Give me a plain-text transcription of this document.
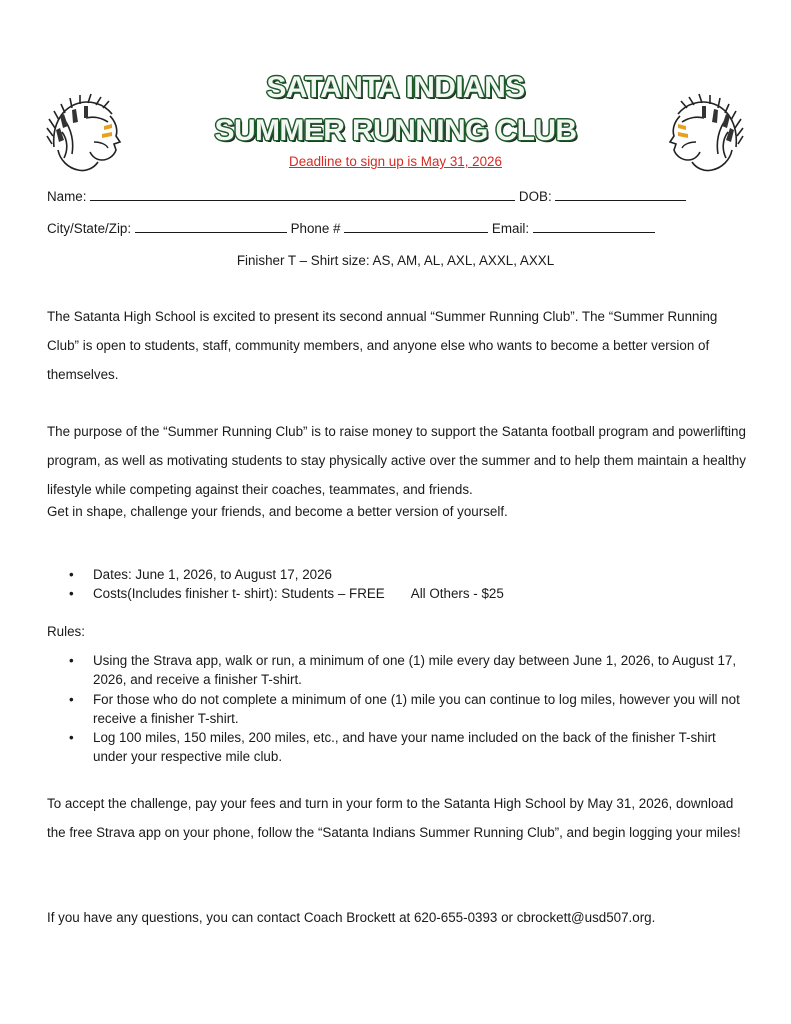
SATANTA INDIANS
SUMMER RUNNING CLUB
Deadline to sign up is May 31, 2026
Name:	DOB:
City/State/Zip:	Phone #	Email:
Finisher T – Shirt size: AS, AM, AL, AXL, AXXL, AXXL

The Satanta High School is excited to present its second annual “Summer Running Club”. The “Summer Running Club” is open to students, staff, community members, and anyone else who wants to become a better version of themselves.

The purpose of the “Summer Running Club” is to raise money to support the Satanta football program and powerlifting program, as well as motivating students to stay physically active over the summer and to help them maintain a healthy lifestyle while competing against their coaches, teammates, and friends.

Get in shape, challenge your friends, and become a better version of yourself.

• Dates: June 1, 2026, to August 17, 2026
• Costs(Includes finisher t- shirt): Students – FREE       All Others - $25
Rules:
• Using the Strava app, walk or run, a minimum of one (1) mile every day between June 1, 2026, to August 17, 2026, and receive a finisher T-shirt.
• For those who do not complete a minimum of one (1) mile you can continue to log miles, however you will not receive a finisher T-shirt.
• Log 100 miles, 150 miles, 200 miles, etc., and have your name included on the back of the finisher T-shirt under your respective mile club.

To accept the challenge, pay your fees and turn in your form to the Satanta High School by May 31, 2026, download the free Strava app on your phone, follow the “Satanta Indians Summer Running Club”, and begin logging your miles!

If you have any questions, you can contact Coach Brockett at 620-655-0393 or cbrockett@usd507.org.
